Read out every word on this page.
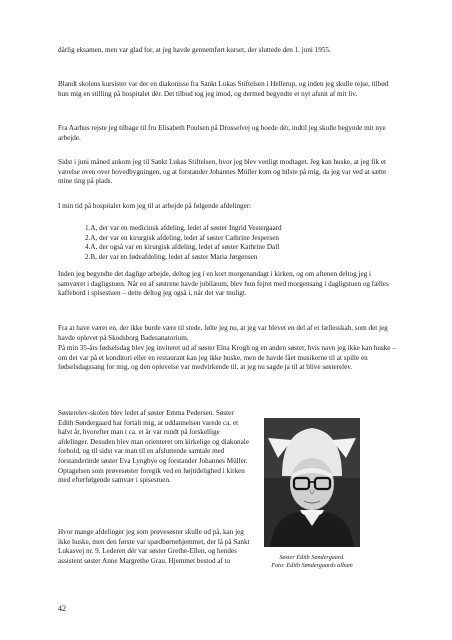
dårlig eksamen, men var glad for, at jeg havde gennemført kurset, der sluttede den 1. juni 1955.
Blandt skolens kursister var der en diakonisse fra Sankt Lukas Stiftelsen i Hellerup, og inden jeg skulle rejse, tilbød hun mig en stilling på hospitalet dér. Det tilbud tog jeg imod, og dermed begyndte et nyt afsnit af mit liv.
Fra Aarhus rejste jeg tilbage til fru Elisabeth Poulsen på Drosselvej og boede dér, indtil jeg skulle begynde mit nye arbejde.
Sidst i juni måned ankom jeg til Sankt Lukas Stiftelsen, hvor jeg blev venligt modtaget. Jeg kan huske, at jeg fik et værelse oven over hovedbygningen, og at forstander Johannes Müller kom og hilste på mig, da jeg var ved at sætte mine ting på plads.
I min tid på hospitalet kom jeg til at arbejde på følgende afdelinger:
1.A, der var en medicinsk afdeling, ledet af søster Ingrid Vestergaard
2.A, der var en kirurgisk afdeling, ledet af søster Cathrine Jespersen
4.A, der også var en kirurgisk afdeling, ledet af søster Kathrine Dall
2.B, der var en fødeafdeling, ledet af søster Maria Jørgensen
Inden jeg begyndte det daglige arbejde, deltog jeg i en kort morgenandagt i kirken, og om aftenen deltog jeg i samværet i dagligstuen. Når en af søstrene havde jubilæum, blev hun fejret med morgensang i dagligstuen og fælles kaffebord i spisestuen – dette deltog jeg også i, når det var muligt.
Fra at have været en, der ikke burde være til stede, følte jeg nu, at jeg var blevet en del af et fællesskab, som det jeg havde oplevet på Skodsborg Badesanatorium.
På min 35-års fødselsdag blev jeg inviteret ud af søster Elna Krogh og en anden søster, hvis navn jeg ikke kan huske – om det var på et konditori eller en restaurant kan jeg ikke huske, men de havde fået musikerne til at spille en fødselsdagssang for mig, og den oplevelse var medvirkende til, at jeg nu sagde ja til at blive søsterelev.
Søsterelev-skolen blev ledet af søster Emma Pedersen. Søster Edith Søndergaard har fortalt mig, at uddannelsen varede ca. et halvt år, hvorefter man i ca. et år var rundt på forskellige afdelinger. Desuden blev man orienteret om kirkelige og diakonale forhold, og til sidst var man til en afsluttende samtale med forstanderinde søster Eva Lyngbye og forstander Johannes Müller. Optagelsen som prøvesøster foregik ved en højtidelighed i kirken med efterfølgende samvær i spisestuen.
Hvor mange afdelinger jeg som prøvesøster skulle ud på, kan jeg ikke huske, men den første var spædbørnehjemmet, der lå på Sankt Lukasvej nr. 9. Lederen dér var søster Grethe-Ellen, og hendes assistent søster Anne Margrethe Grau. Hjemmet bestod af to	Søster Edith Søndergaard.
Foto: Edith Søndergaards album
42
